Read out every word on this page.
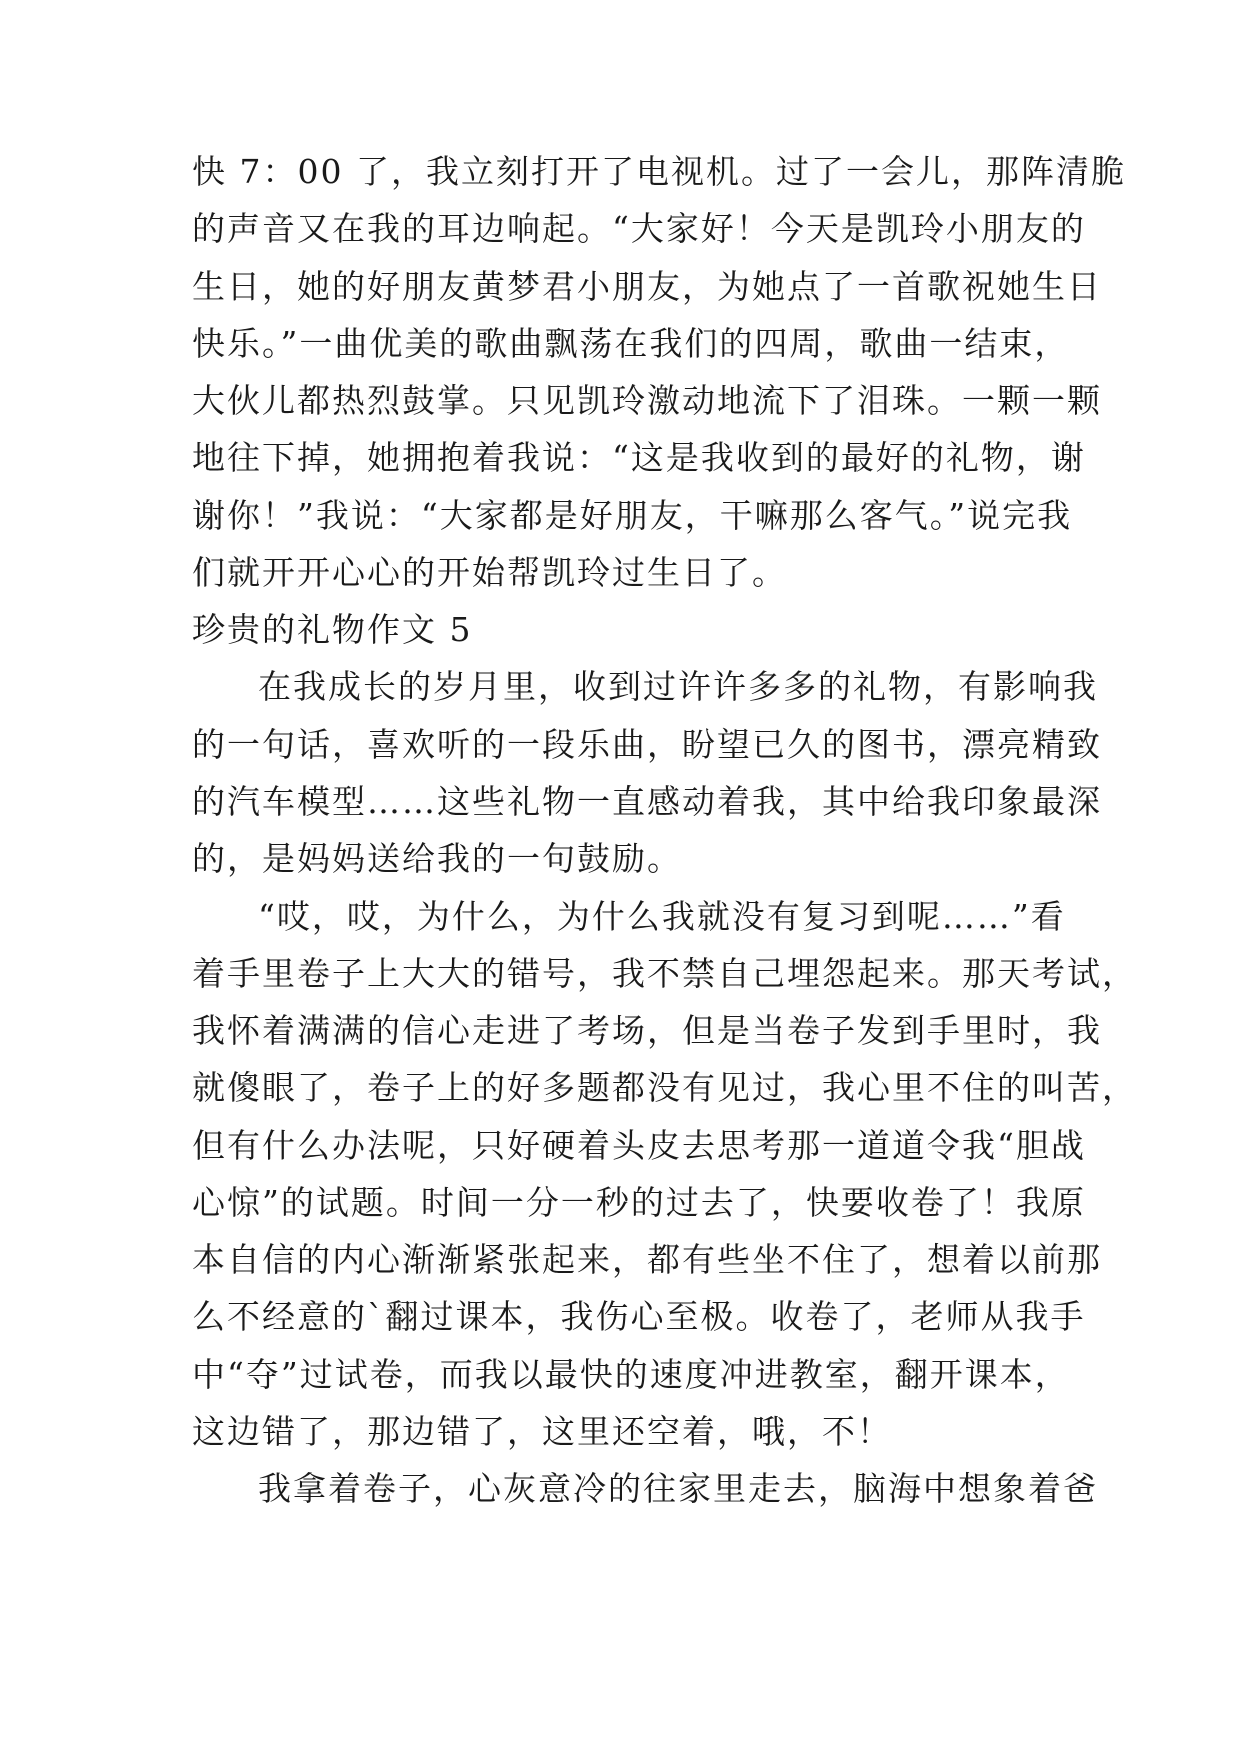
快 7：00 了，我立刻打开了电视机。过了一会儿，那阵清脆
的声音又在我的耳边响起。“大家好！今天是凯玲小朋友的
生日，她的好朋友黄梦君小朋友，为她点了一首歌祝她生日
快乐。”一曲优美的歌曲飘荡在我们的四周，歌曲一结束，
大伙儿都热烈鼓掌。只见凯玲激动地流下了泪珠。一颗一颗
地往下掉，她拥抱着我说：“这是我收到的最好的礼物，谢
谢你！”我说：“大家都是好朋友，干嘛那么客气。”说完我
们就开开心心的开始帮凯玲过生日了。
珍贵的礼物作文 5
在我成长的岁月里，收到过许许多多的礼物，有影响我
的一句话，喜欢听的一段乐曲，盼望已久的图书，漂亮精致
的汽车模型……这些礼物一直感动着我，其中给我印象最深
的，是妈妈送给我的一句鼓励。
“哎，哎，为什么，为什么我就没有复习到呢……”看
着手里卷子上大大的错号，我不禁自己埋怨起来。那天考试，
我怀着满满的信心走进了考场，但是当卷子发到手里时，我
就傻眼了，卷子上的好多题都没有见过，我心里不住的叫苦，
但有什么办法呢，只好硬着头皮去思考那一道道令我“胆战
心惊”的试题。时间一分一秒的过去了，快要收卷了！我原
本自信的内心渐渐紧张起来，都有些坐不住了，想着以前那
么不经意的`翻过课本，我伤心至极。收卷了，老师从我手
中“夺”过试卷，而我以最快的速度冲进教室，翻开课本，
这边错了，那边错了，这里还空着，哦，不！
我拿着卷子，心灰意冷的往家里走去，脑海中想象着爸
